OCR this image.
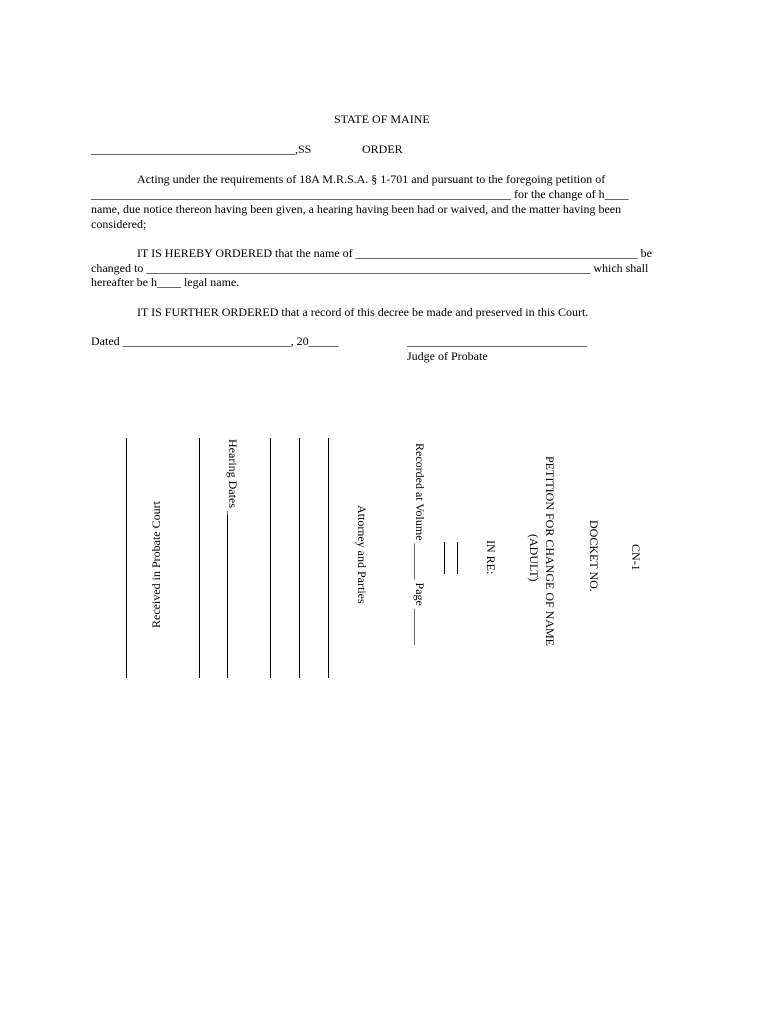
STATE OF MAINE
__________________________________,SS	ORDER
Acting under the requirements of 18A M.R.S.A. § 1-701 and pursuant to the foregoing petition of
______________________________________________________________________ for the change of h____
name, due notice thereon having been given, a hearing having been had or waived, and the matter having been
considered;
IT IS HEREBY ORDERED that the name of _______________________________________________ be
changed to __________________________________________________________________________ which shall
hereafter be h____ legal name.
IT IS FURTHER ORDERED that a record of this decree be made and preserved in this Court.
Dated ____________________________, 20_____	______________________________
Judge of Probate
Received in Probate Court	Hearing Dates __________	Attorney and Parties	Recorded at Volume ______ Page ______	IN RE:	PETITION FOR CHANGE OF NAME
(ADULT)	DOCKET NO. CN-1
